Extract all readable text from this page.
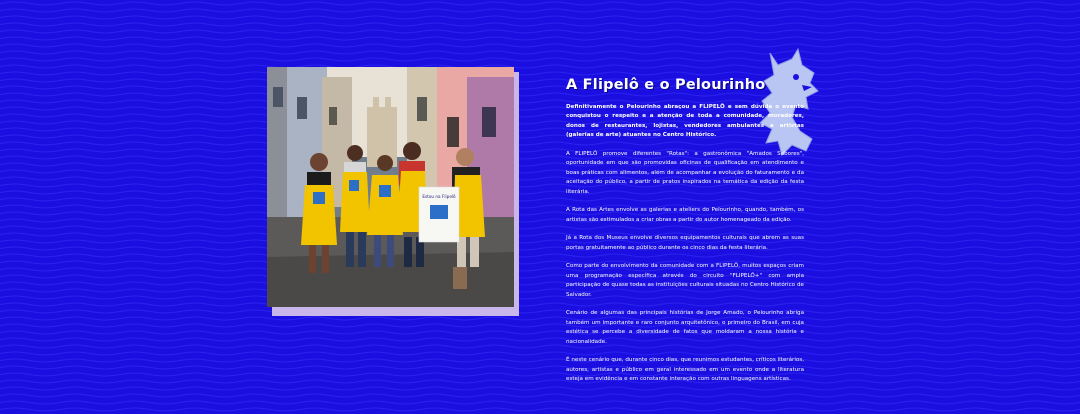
Estou na Flipelô
A Flipelô e o Pelourinho

Definitivamente o Pelourinho abraçou a FLIPELÔ e sem dúvida o evento conquistou o respeito e a atenção de toda a comunidade, moradores, donos de restaurantes, lojistas, vendedores ambulantes e artistas (galerias de arte) atuantes no Centro Histórico.

A FLIPELÔ promove diferentes "Rotas": a gastronômica "Amados Sabores", oportunidade em que são promovidas oficinas de qualificação em atendimento e boas práticas com alimentos, além de acompanhar a evolução do faturamento e da aceitação do público, a partir de pratos inspirados na temática da edição da festa literária.

A Rota das Artes envolve as galerias e ateliers do Pelourinho, quando, também, os artistas são estimulados a criar obras a partir do autor homenageado da edição.

Já a Rota dos Museus envolve diversos equipamentos culturais que abrem as suas portas gratuitamente ao público durante os cinco dias da festa literária.

Como parte do envolvimento da comunidade com a FLIPELÔ, muitos espaços criam uma programação específica através do circuito "FLIPELÔ+" com ampla participação de quase todas as instituições culturais situadas no Centro Histórico de Salvador.

Cenário de algumas das principais histórias de Jorge Amado, o Pelourinho abriga também um importante e raro conjunto arquitetônico, o primeiro do Brasil, em cuja estética se percebe a diversidade de fatos que moldaram a nossa história e nacionalidade.

É neste cenário que, durante cinco dias, que reunimos estudantes, críticos literários, autores, artistas e público em geral interessado em um evento onde a literatura esteja em evidência e em constante interação com outras linguagens artísticas.
